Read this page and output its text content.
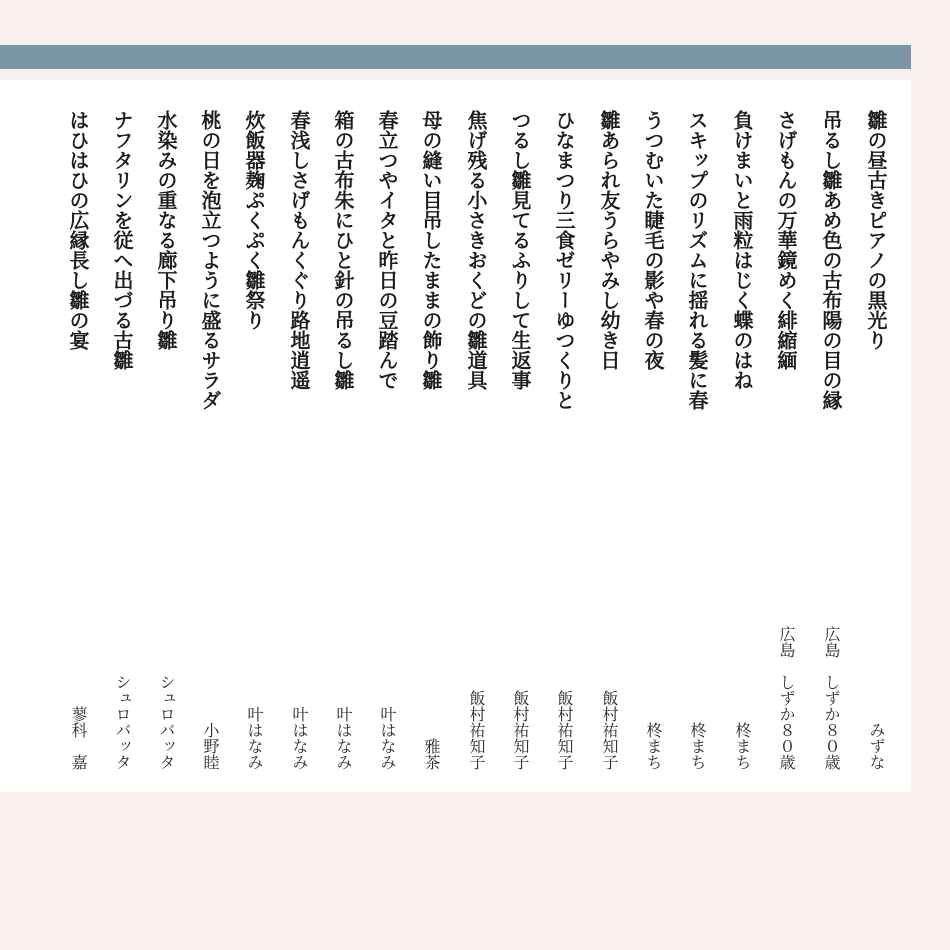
雛の昼古きピアノの黒光り
みずな
吊るし雛あめ色の古布陽の目の縁
広島　しずか８０歳
さげもんの万華鏡めく緋縮緬
広島　しずか８０歳
負けまいと雨粒はじく蝶のはね
柊まち
スキップのリズムに揺れる髪に春
柊まち
うつむいた睫毛の影や春の夜
柊まち
雛あられ友うらやみし幼き日
飯村祐知子
ひなまつり三食ゼリーゆつくりと
飯村祐知子
つるし雛見てるふりして生返事
飯村祐知子
焦げ残る小さきおくどの雛道具
飯村祐知子
母の縫い目吊したままの飾り雛
雅茶
春立つやイタと昨日の豆踏んで
叶はなみ
箱の古布朱にひと針の吊るし雛
叶はなみ
春浅しさげもんくぐり路地逍遥
叶はなみ
炊飯器麹ぷくぷく雛祭り
叶はなみ
桃の日を泡立つように盛るサラダ
小野睦
水染みの重なる廊下吊り雛
シュロバッタ
ナフタリンを従へ出づる古雛
シュロバッタ
はひはひの広縁長し雛の宴
蓼科　嘉
